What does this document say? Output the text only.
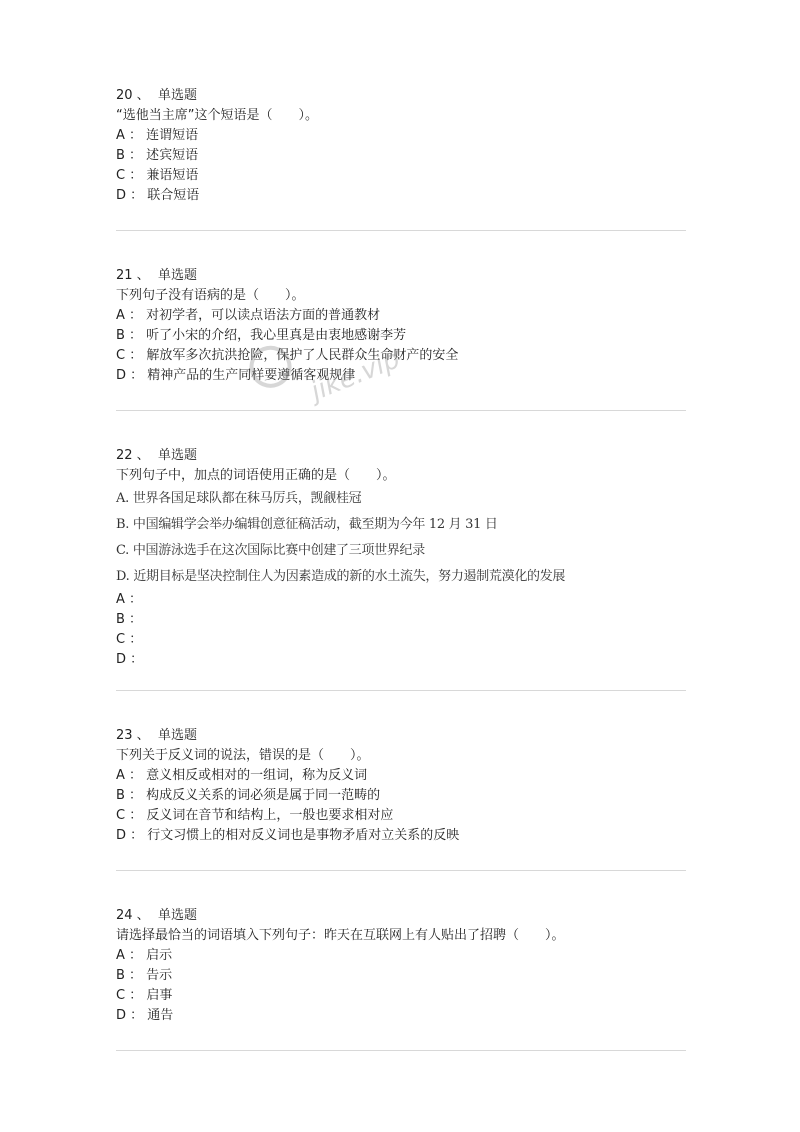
20 、 单选题
“选他当主席”这个短语是（　　）。
A ： 连谓短语
B ： 述宾短语
C ： 兼语短语
D ： 联合短语
21 、 单选题
下列句子没有语病的是（　　）。
A ： 对初学者，可以读点语法方面的普通教材
B ： 听了小宋的介绍，我心里真是由衷地感谢李芳
C ： 解放军多次抗洪抢险，保护了人民群众生命财产的安全
D ： 精神产品的生产同样要遵循客观规律
22 、 单选题
下列句子中，加点的词语使用正确的是（　　）。
A. 世界各国足球队都在秣马厉兵，觊觎桂冠
B. 中国编辑学会举办编辑创意征稿活动，截至期为今年 12 月 31 日
C. 中国游泳选手在这次国际比赛中创建了三项世界纪录
D. 近期目标是坚决控制住人为因素造成的新的水土流失，努力遏制荒漠化的发展
A ：
B ：
C ：
D ：
23 、 单选题
下列关于反义词的说法，错误的是（　　）。
A ： 意义相反或相对的一组词，称为反义词
B ： 构成反义关系的词必须是属于同一范畴的
C ： 反义词在音节和结构上，一般也要求相对应
D ： 行文习惯上的相对反义词也是事物矛盾对立关系的反映
24 、 单选题
请选择最恰当的词语填入下列句子：昨天在互联网上有人贴出了招聘（　　）。
A ： 启示
B ： 告示
C ： 启事
D ： 通告
jike.vip
